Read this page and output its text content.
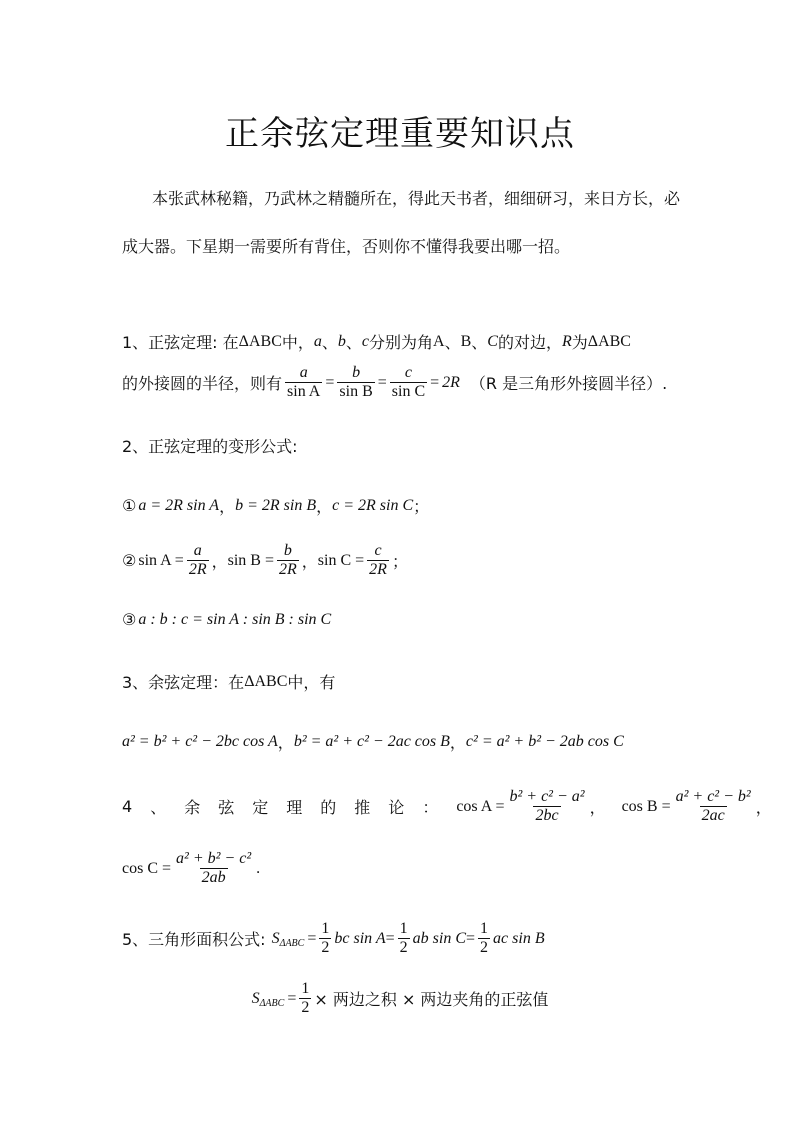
正余弦定理重要知识点
本张武林秘籍，乃武林之精髓所在，得此天书者，细细研习，来日方长，必
成大器。下星期一需要所有背住，否则你不懂得我要出哪一招。
1、正弦定理: 在 ΔABC 中， a 、 b 、 c 分别为角 A 、 B 、 C 的对边， R 为 ΔABC
的外接圆的半径，则有 $\frac{a}{\text{sin A}} = \frac{b}{\text{sin B}} = \frac{c}{\text{sin C}} = 2R$ （R 是三角形外接圆半径）.
2、正弦定理的变形公式:
① a = 2R sin A ， b = 2R sin B ， c = 2R sin C ；
② $\sin A = \frac{a}{2R}$ ， $\sin B = \frac{b}{2R}$ ， $\sin C = \frac{c}{2R}$ ；
③ a : b : c = sin A : sin B : sin C
3、余弦定理：在 ΔABC 中，有
a² = b² + c² − 2bc cos A ， b² = a² + c² − 2ac cos B ， c² = a² + b² − 2ab cos C
4 、 余 弦 定 理 的 推 论 ： $\cos A = \frac{\text{b² + c² − a²}}{2bc}$ ， $\cos B = \frac{\text{a² + c² − b²}}{2ac}$ ，
$\cos C = \frac{\text{a² + b² − c²}}{2ab}$ .
5、三角形面积公式: S $\Delta ABC = \frac{1}{2}$ bc $\sin A = \frac{1}{2}$ ab $\sin C = \frac{1}{2}$ ac sin B
S $\Delta ABC = \frac{1}{2}$ × 两边之积 × 两边夹角的正弦值
